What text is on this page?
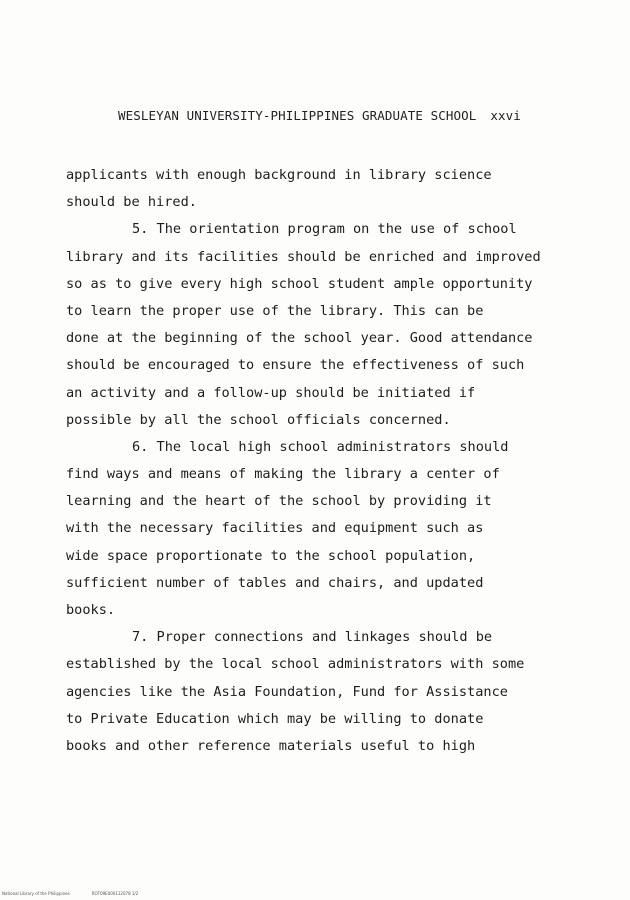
WESLEYAN UNIVERSITY-PHILIPPINES GRADUATE SCHOOL xxvi
applicants with enough background in library science
should be hired.
5. The orientation program on the use of school
library and its facilities should be enriched and improved
so as to give every high school student ample opportunity
to learn the proper use of the library. This can be
done at the beginning of the school year. Good attendance
should be encouraged to ensure the effectiveness of such
an activity and a follow-up should be initiated if
possible by all the school officials concerned.
6. The local high school administrators should
find ways and means of making the library a center of
learning and the heart of the school by providing it
with the necessary facilities and equipment such as
wide space proportionate to the school population,
sufficient number of tables and chairs, and updated
books.
7. Proper connections and linkages should be
established by the local school administrators with some
agencies like the Asia Foundation, Fund for Assistance
to Private Education which may be willing to donate
books and other reference materials useful to high
National Library of the Philippines	ROT09E000112078 1/2
